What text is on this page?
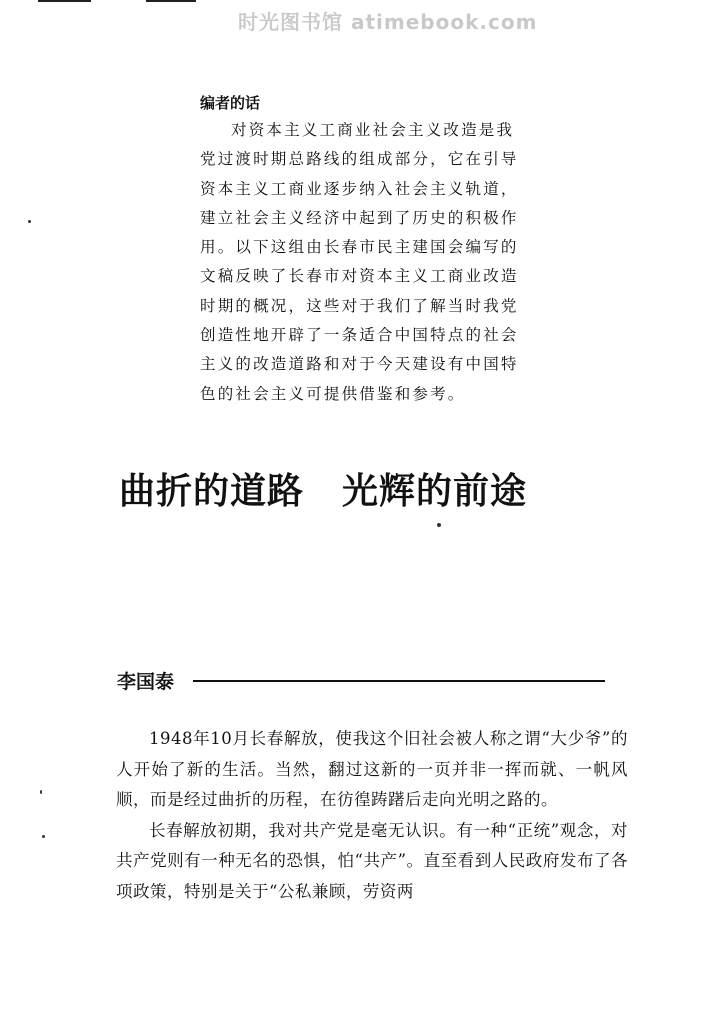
时光图书馆 atimebook.com
编者的话
对资本主义工商业社会主义改造是我
党过渡时期总路线的组成部分，它在引导
资本主义工商业逐步纳入社会主义轨道，
建立社会主义经济中起到了历史的积极作
用。以下这组由长春市民主建国会编写的
文稿反映了长春市对资本主义工商业改造
时期的概况，这些对于我们了解当时我党
创造性地开辟了一条适合中国特点的社会
主义的改造道路和对于今天建设有中国特
色的社会主义可提供借鉴和参考。
曲折的道路 光辉的前途
李国泰

1948年10月长春解放，使我这个旧社会被人称之谓“大少爷”的人开始了新的生活。当然，翻过这新的一页并非一挥而就、一帆风顺，而是经过曲折的历程，在彷徨踌躇后走向光明之路的。

长春解放初期，我对共产党是毫无认识。有一种“正统”观念，对共产党则有一种无名的恐惧，怕“共产”。直至看到人民政府发布了各项政策，特别是关于“公私兼顾，劳资两
